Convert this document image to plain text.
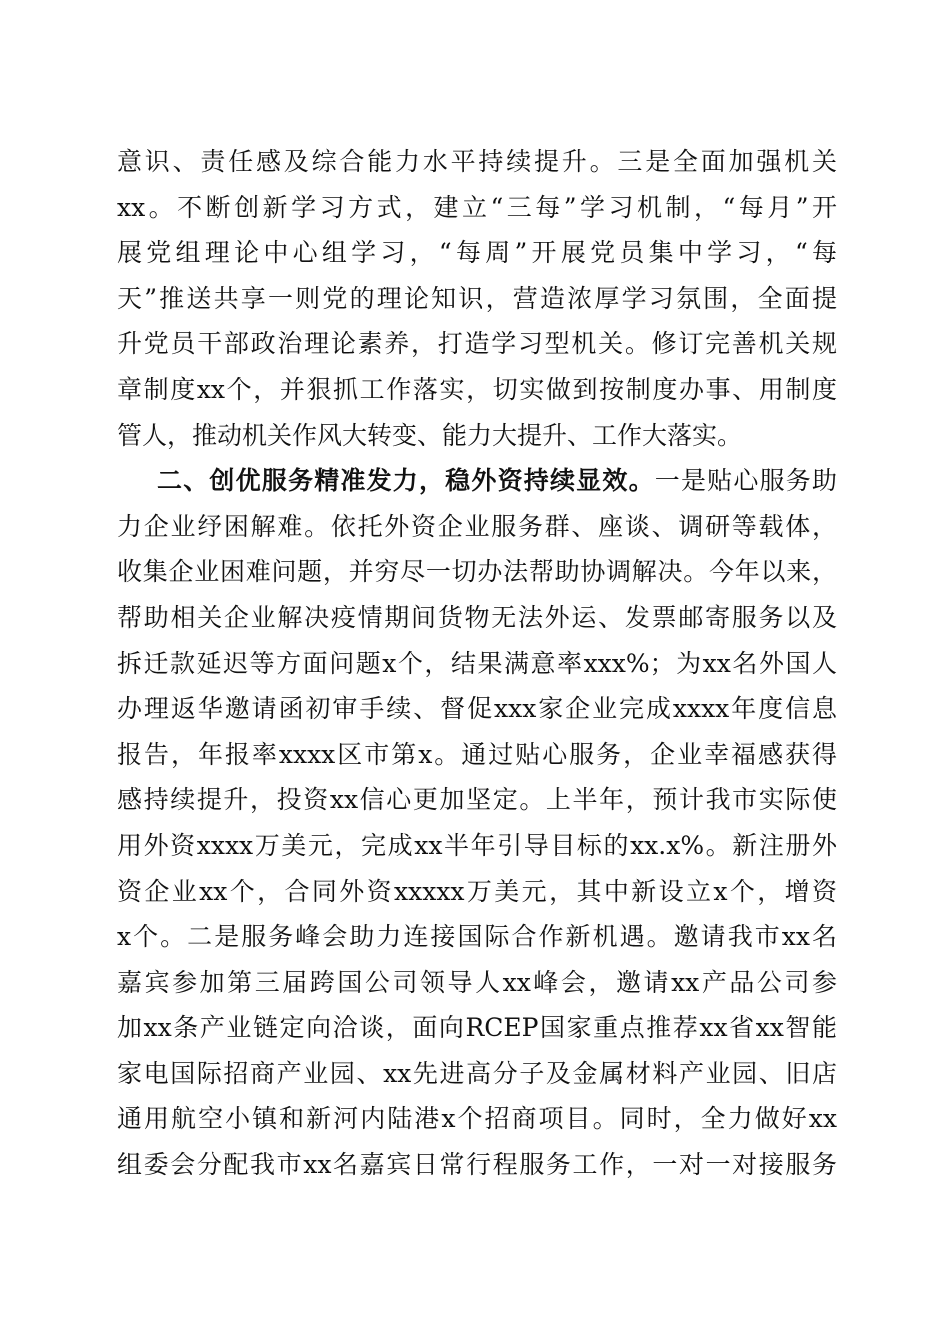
意识、责任感及综合能力水平持续提升。三是全面加强机关
xx。不断创新学习方式，建立“三每”学习机制，“每月”开
展党组理论中心组学习，“每周”开展党员集中学习，“每
天”推送共享一则党的理论知识，营造浓厚学习氛围，全面提
升党员干部政治理论素养，打造学习型机关。修订完善机关规
章制度xx个，并狠抓工作落实，切实做到按制度办事、用制度
管人，推动机关作风大转变、能力大提升、工作大落实。
二、创优服务精准发力，稳外资持续显效。一是贴心服务助
力企业纾困解难。依托外资企业服务群、座谈、调研等载体，
收集企业困难问题，并穷尽一切办法帮助协调解决。今年以来，
帮助相关企业解决疫情期间货物无法外运、发票邮寄服务以及
拆迁款延迟等方面问题x个，结果满意率xxx%；为xx名外国人
办理返华邀请函初审手续、督促xxx家企业完成xxxx年度信息
报告，年报率xxxx区市第x。通过贴心服务，企业幸福感获得
感持续提升，投资xx信心更加坚定。上半年，预计我市实际使
用外资xxxx万美元，完成xx半年引导目标的xx.x%。新注册外
资企业xx个，合同外资xxxxx万美元，其中新设立x个，增资
x个。二是服务峰会助力连接国际合作新机遇。邀请我市xx名
嘉宾参加第三届跨国公司领导人xx峰会，邀请xx产品公司参
加xx条产业链定向洽谈，面向RCEP国家重点推荐xx省xx智能
家电国际招商产业园、xx先进高分子及金属材料产业园、旧店
通用航空小镇和新河内陆港x个招商项目。同时，全力做好xx
组委会分配我市xx名嘉宾日常行程服务工作，一对一对接服务
